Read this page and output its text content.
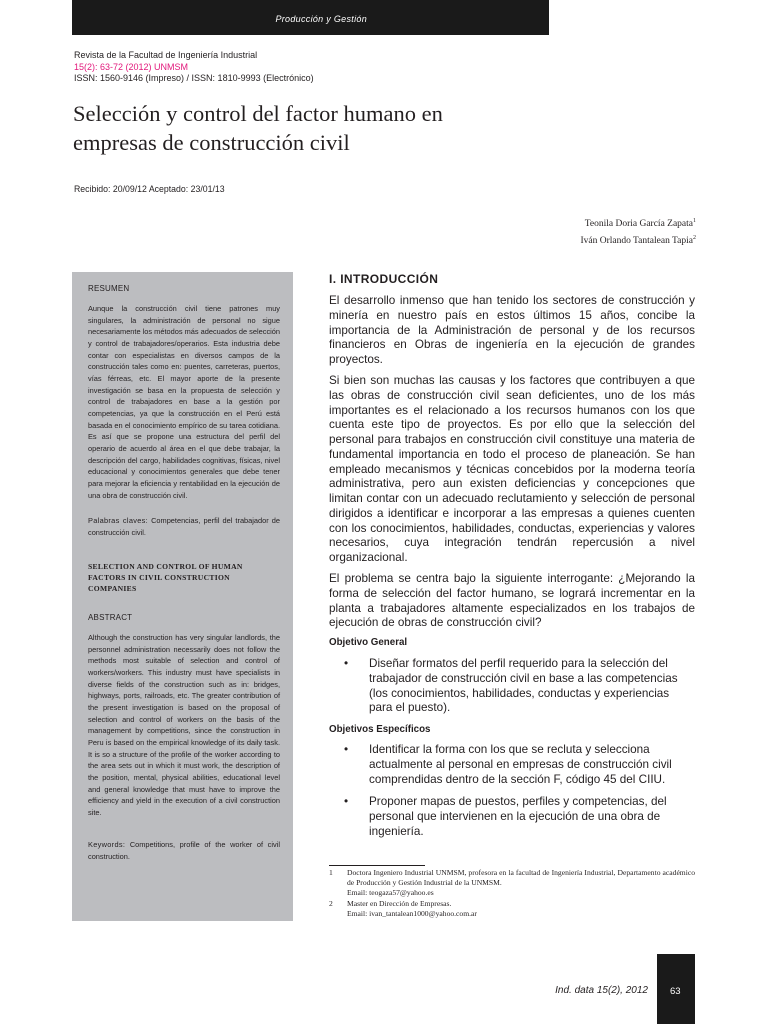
Producción y Gestión
Revista de la Facultad de Ingeniería Industrial
15(2): 63-72 (2012) UNMSM
ISSN: 1560-9146 (Impreso) / ISSN: 1810-9993 (Electrónico)
Selección y control del factor humano en
empresas de construcción civil
Recibido: 20/09/12 Aceptado: 23/01/13
Teonila Doria García Zapata$^1$
Iván Orlando Tantalean Tapia$^2$
RESUMEN
Aunque la construcción civil tiene patrones muy singulares, la administración de personal no sigue necesariamente los métodos más adecuados de selección y control de trabajadores/operarios. Esta industria debe contar con especialistas en diversos campos de la construcción tales como en: puentes, carreteras, puertos, vías férreas, etc. El mayor aporte de la presente investigación se basa en la propuesta de selección y control de trabajadores en base a la gestión por competencias, ya que la construcción en el Perú está basada en el conocimiento empírico de su tarea cotidiana. Es así que se propone una estructura del perfil del operario de acuerdo al área en el que debe trabajar, la descripción del cargo, habilidades cognitivas, físicas, nivel educacional y conocimientos generales que debe tener para mejorar la eficiencia y rentabilidad en la ejecución de una obra de construcción civil.
Palabras claves: Competencias, perfil del trabajador de construcción civil.
SELECTION AND CONTROL OF HUMAN FACTORS IN CIVIL CONSTRUCTION COMPANIES
ABSTRACT
Although the construction has very singular landlords, the personnel administration necessarily does not follow the methods most suitable of selection and control of workers/workers. This industry must have specialists in diverse fields of the construction such as in: bridges, highways, ports, railroads, etc. The greater contribution of the present investigation is based on the proposal of selection and control of workers on the basis of the management by competitions, since the construction in Peru is based on the empirical knowledge of its daily task. It is so a structure of the profile of the worker according to the area sets out in which it must work, the description of the position, mental, physical abilities, educational level and general knowledge that must have to improve the efficiency and yield in the execution of a civil construction site.
Keywords: Competitions, profile of the worker of civil construction.
I. INTRODUCCIÓN
El desarrollo inmenso que han tenido los sectores de construcción y minería en nuestro país en estos últimos 15 años, concibe la importancia de la Administración de personal y de los recursos financieros en Obras de ingeniería en la ejecución de grandes proyectos.
Si bien son muchas las causas y los factores que contribuyen a que las obras de construcción civil sean deficientes, uno de los más importantes es el relacionado a los recursos humanos con los que cuenta este tipo de proyectos. Es por ello que la selección del personal para trabajos en construcción civil constituye una materia de fundamental importancia en todo el proceso de planeación. Se han empleado mecanismos y técnicas concebidos por la moderna teoría administrativa, pero aun existen deficiencias y concepciones que limitan contar con un adecuado reclutamiento y selección de personal dirigidos a identificar e incorporar a las empresas a quienes cuenten con los conocimientos, habilidades, conductas, experiencias y valores necesarios, cuya integración tendrán repercusión a nivel organizacional.
El problema se centra bajo la siguiente interrogante: ¿Mejorando la forma de selección del factor humano, se logrará incrementar en la planta a trabajadores altamente especializados en los trabajos de ejecución de obras de construcción civil?
Objetivo General
• Diseñar formatos del perfil requerido para la selección del trabajador de construcción civil en base a las competencias (los conocimientos, habilidades, conductas y experiencias para el puesto).
Objetivos Específicos
• Identificar la forma con los que se recluta y selecciona actualmente al personal en empresas de construcción civil comprendidas dentro de la sección F, código 45 del CIIU.
• Proponer mapas de puestos, perfiles y competencias, del personal que intervienen en la ejecución de una obra de ingeniería.
1 Doctora Ingeniero Industrial UNMSM, profesora en la facultad de Ingeniería Industrial, Departamento académico de Producción y Gestión Industrial de la UNMSM.
Email: teogaza57@yahoo.es
2 Master en Dirección de Empresas.
Email: ivan_tantalean1000@yahoo.com.ar
Ind. data 15(2), 2012 63
